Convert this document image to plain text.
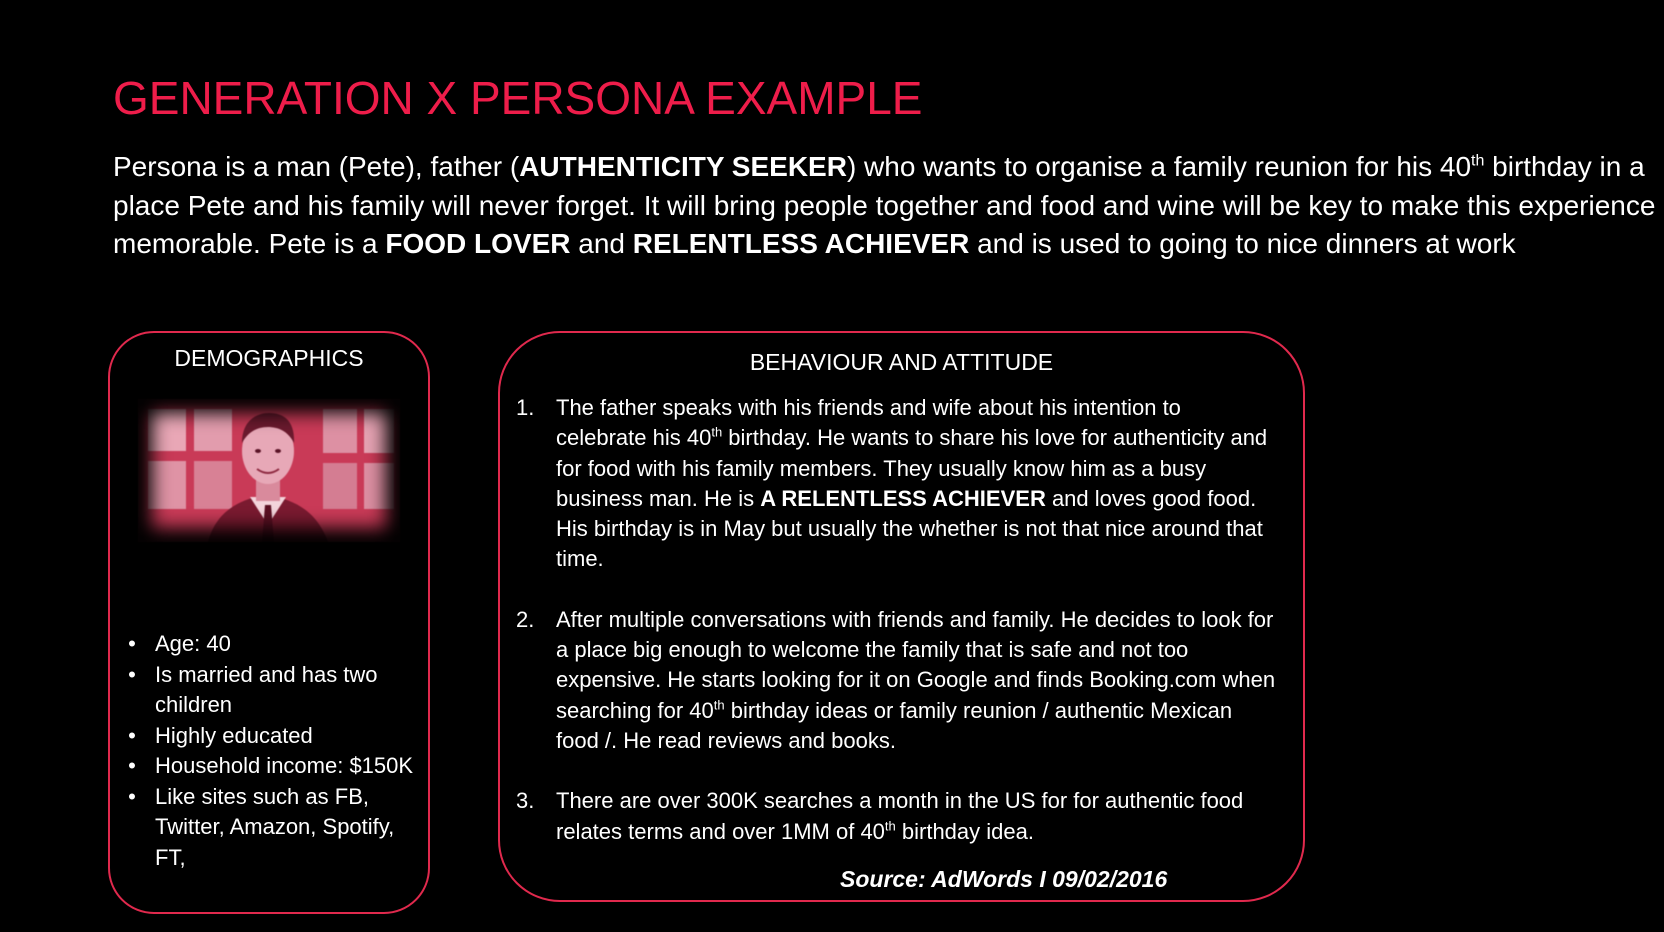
GENERATION X PERSONA EXAMPLE

Persona is a man (Pete), father (AUTHENTICITY SEEKER) who wants to organise a family reunion for his 40th birthday in a place Pete and his family will never forget. It will bring people together and food and wine will be key to make this experience memorable. Pete is a FOOD LOVER and RELENTLESS ACHIEVER and is used to going to nice dinners at work

DEMOGRAPHICS
• Age: 40
• Is married and has two children
• Highly educated
• Household income: $150K
• Like sites such as FB, Twitter, Amazon, Spotify, FT,
BEHAVIOUR AND ATTITUDE
1. The father speaks with his friends and wife about his intention to celebrate his 40th birthday. He wants to share his love for authenticity and for food with his family members. They usually know him as a busy business man. He is A RELENTLESS ACHIEVER and loves good food. His birthday is in May but usually the whether is not that nice around that time.
2. After multiple conversations with friends and family. He decides to look for a place big enough to welcome the family that is safe and not too expensive. He starts looking for it on Google and finds Booking.com when searching for 40th birthday ideas or family reunion / authentic Mexican food /. He read reviews and books.
3. There are over 300K searches a month in the US for for authentic food relates terms and over 1MM of 40th birthday idea.
Source: AdWords I 09/02/2016
